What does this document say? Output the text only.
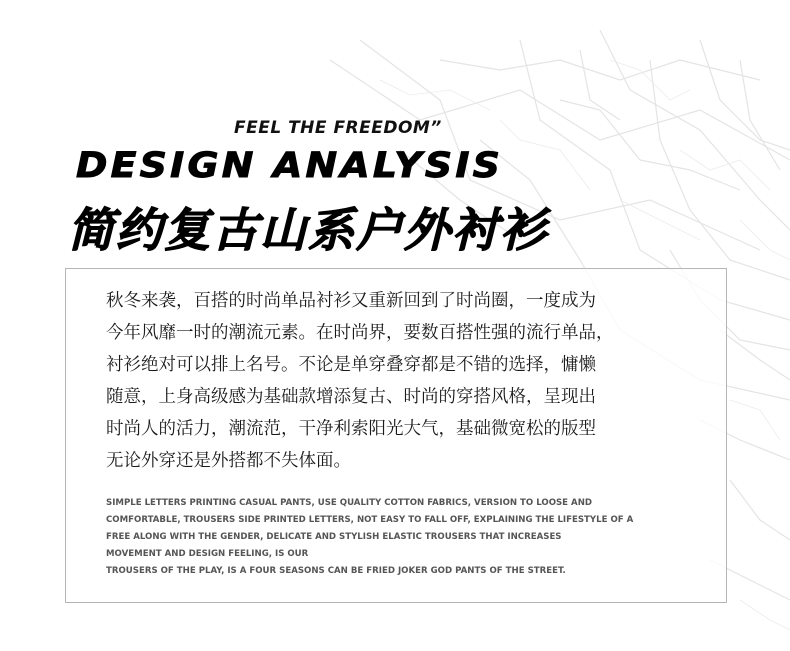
FEEL THE FREEDOM”
DESIGN ANALYSIS
简约复古山系户外衬衫

秋冬来袭，百搭的时尚单品衬衫又重新回到了时尚圈，一度成为
今年风靡一时的潮流元素。在时尚界，要数百搭性强的流行单品，
衬衫绝对可以排上名号。不论是单穿叠穿都是不错的选择，慵懒
随意，上身高级感为基础款增添复古、时尚的穿搭风格，呈现出
时尚人的活力，潮流范，干净利索阳光大气，基础微宽松的版型
无论外穿还是外搭都不失体面。

SIMPLE LETTERS PRINTING CASUAL PANTS, USE QUALITY COTTON FABRICS, VERSION TO LOOSE AND
COMFORTABLE, TROUSERS SIDE PRINTED LETTERS, NOT EASY TO FALL OFF, EXPLAINING THE LIFESTYLE OF A
FREE ALONG WITH THE GENDER, DELICATE AND STYLISH ELASTIC TROUSERS THAT INCREASES
MOVEMENT AND DESIGN FEELING, IS OUR
TROUSERS OF THE PLAY, IS A FOUR SEASONS CAN BE FRIED JOKER GOD PANTS OF THE STREET.
